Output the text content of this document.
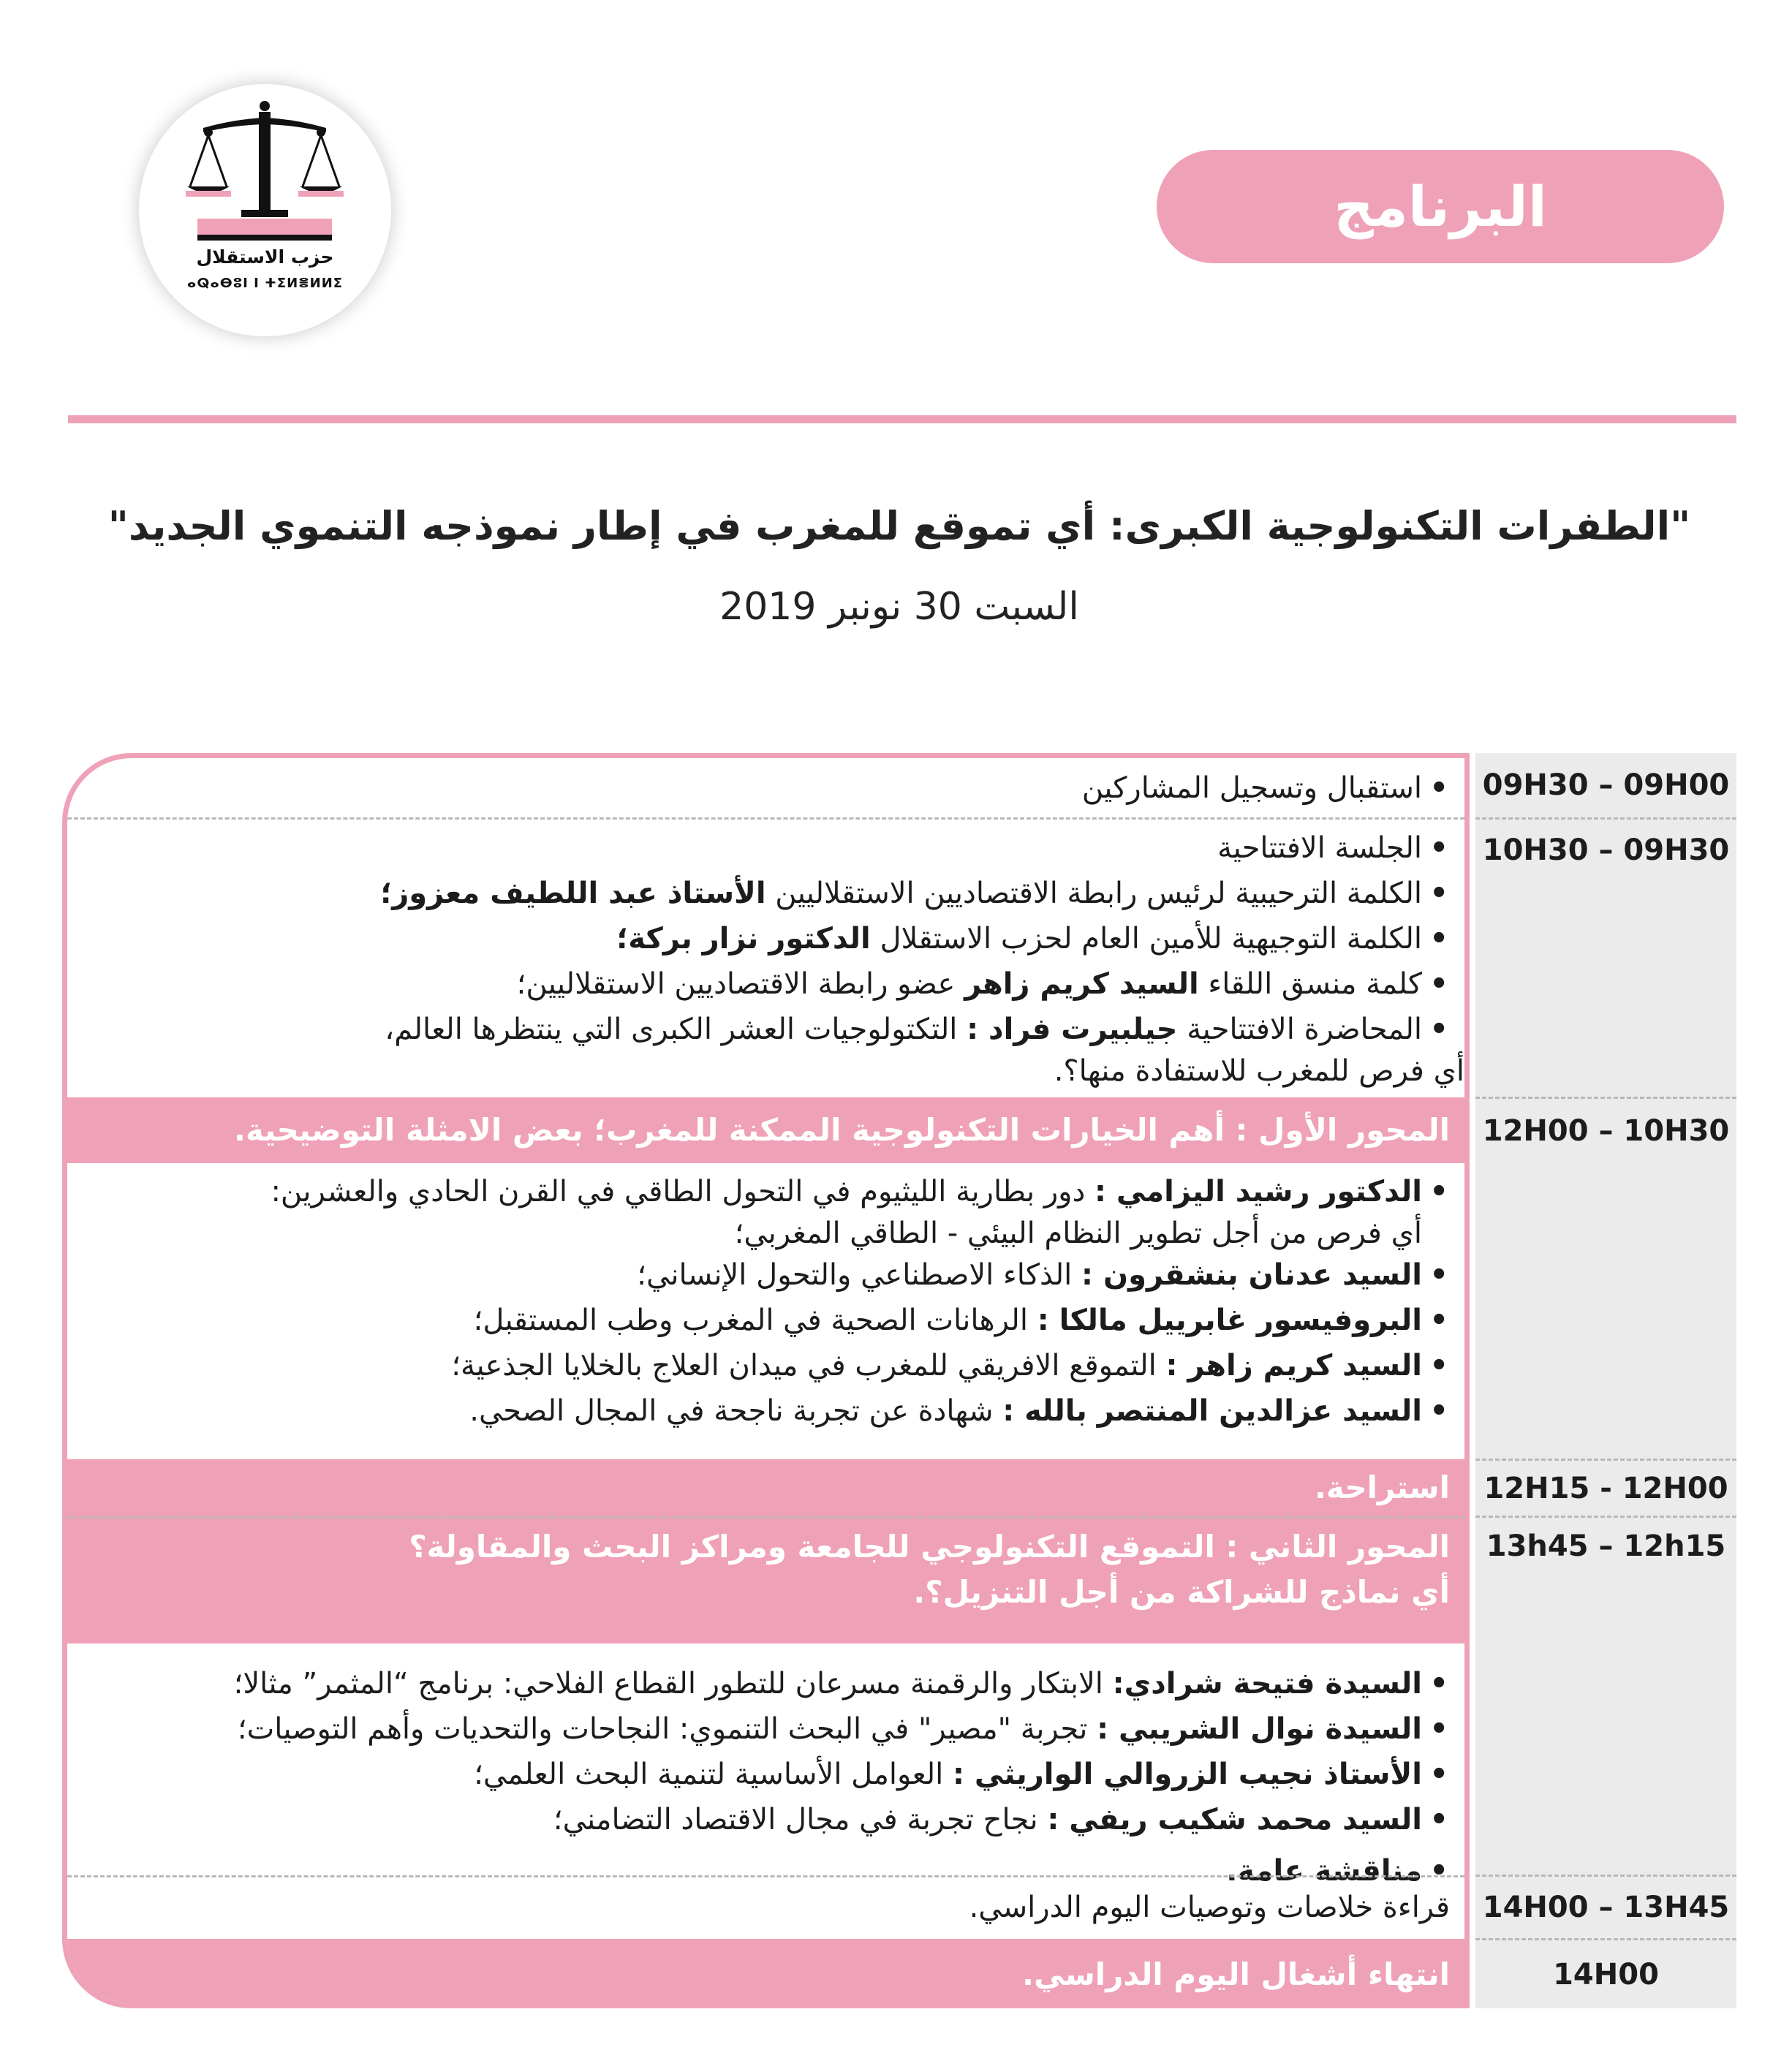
حزب الاستقلال
ⴰⵕⴰⴱⵓⵏ ⵏ ⵜⵉⵍⴻⵍⵍⵉ
البرنامج
"الطفرات التكنولوجية الكبرى: أي تموقع للمغرب في إطار نموذجه التنموي الجديد"
السبت 30 نونبر 2019
09H30 – 09H00
10H30 – 09H30
12H00 – 10H30
12H15 - 12H00
13h45 – 12h15
14H00 – 13H45
14H00
• استقبال وتسجيل المشاركين
• الجلسة الافتتاحية
• الكلمة الترحيبية لرئيس رابطة الاقتصاديين الاستقلاليين الأستاذ عبد اللطيف معزوز؛
• الكلمة التوجيهية للأمين العام لحزب الاستقلال الدكتور نزار بركة؛
• كلمة منسق اللقاء السيد كريم زاهر عضو رابطة الاقتصاديين الاستقلاليين؛
• المحاضرة الافتتاحية جيلبيرت فراد : التكتولوجيات العشر الكبرى التي ينتظرها العالم،
أي فرص للمغرب للاستفادة منها؟.
المحور الأول : أهم الخيارات التكنولوجية الممكنة للمغرب؛ بعض الامثلة التوضيحية.
• الدكتور رشيد اليزامي : دور بطارية الليثيوم في التحول الطاقي في القرن الحادي والعشرين:
أي فرص من أجل تطوير النظام البيئي - الطاقي المغربي؛
• السيد عدنان بنشقرون : الذكاء الاصطناعي والتحول الإنساني؛
• البروفيسور غابرييل مالكا : الرهانات الصحية في المغرب وطب المستقبل؛
• السيد كريم زاهر : التموقع الافريقي للمغرب في ميدان العلاج بالخلايا الجذعية؛
• السيد عزالدين المنتصر بالله : شهادة عن تجربة ناجحة في المجال الصحي.
استراحة.
المحور الثاني : التموقع التكنولوجي للجامعة ومراكز البحث والمقاولة؟
أي نماذج للشراكة من أجل التنزيل؟.
• السيدة فتيحة شرادي: الابتكار والرقمنة مسرعان للتطور القطاع الفلاحي: برنامج “المثمر” مثالا؛
• السيدة نوال الشريبي : تجربة "مصير" في البحث التنموي: النجاحات والتحديات وأهم التوصيات؛
• الأستاذ نجيب الزروالي الواريثي : العوامل الأساسية لتنمية البحث العلمي؛
• السيد محمد شكيب ريفي : نجاح تجربة في مجال الاقتصاد التضامني؛
• مناقشة عامة.
قراءة خلاصات وتوصيات اليوم الدراسي.
انتهاء أشغال اليوم الدراسي.
